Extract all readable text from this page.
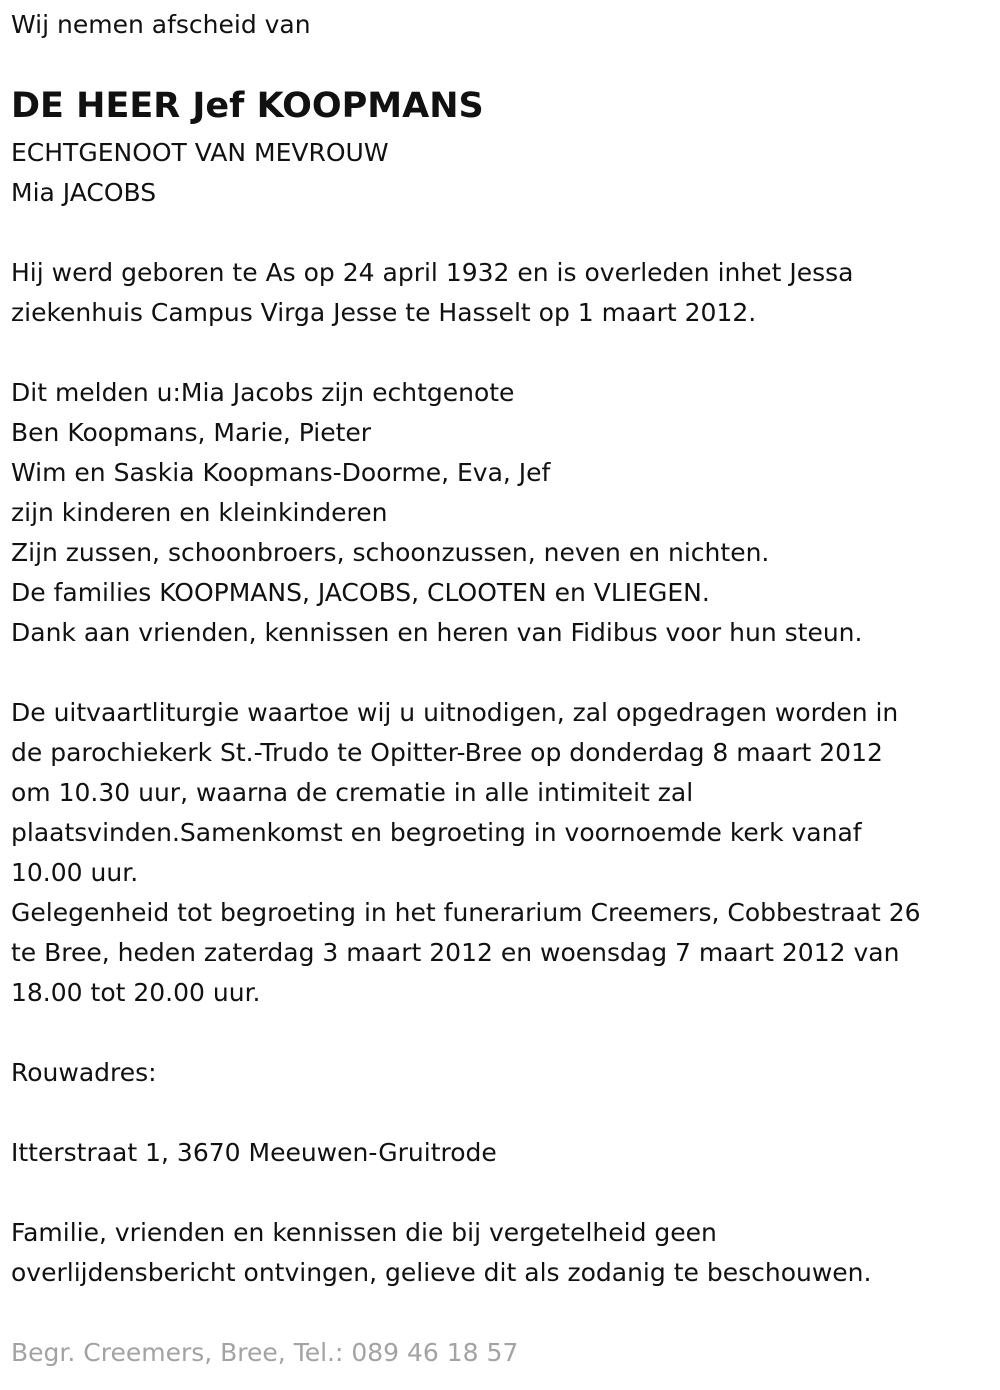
Wij nemen afscheid van

DE HEER Jef KOOPMANS

ECHTGENOOT VAN MEVROUW

Mia JACOBS

Hij werd geboren te As op 24 april 1932 en is overleden inhet Jessa

ziekenhuis Campus Virga Jesse te Hasselt op 1 maart 2012.

Dit melden u:Mia Jacobs zijn echtgenote

Ben Koopmans, Marie, Pieter

Wim en Saskia Koopmans-Doorme, Eva, Jef

zijn kinderen en kleinkinderen

Zijn zussen, schoonbroers, schoonzussen, neven en nichten.

De families KOOPMANS, JACOBS, CLOOTEN en VLIEGEN.

Dank aan vrienden, kennissen en heren van Fidibus voor hun steun.

De uitvaartliturgie waartoe wij u uitnodigen, zal opgedragen worden in

de parochiekerk St.-Trudo te Opitter-Bree op donderdag 8 maart 2012

om 10.30 uur, waarna de crematie in alle intimiteit zal

plaatsvinden.Samenkomst en begroeting in voornoemde kerk vanaf

10.00 uur.

Gelegenheid tot begroeting in het funerarium Creemers, Cobbestraat 26

te Bree, heden zaterdag 3 maart 2012 en woensdag 7 maart 2012 van

18.00 tot 20.00 uur.

Rouwadres:

Itterstraat 1, 3670 Meeuwen-Gruitrode

Familie, vrienden en kennissen die bij vergetelheid geen

overlijdensbericht ontvingen, gelieve dit als zodanig te beschouwen.

Begr. Creemers, Bree, Tel.: 089 46 18 57
